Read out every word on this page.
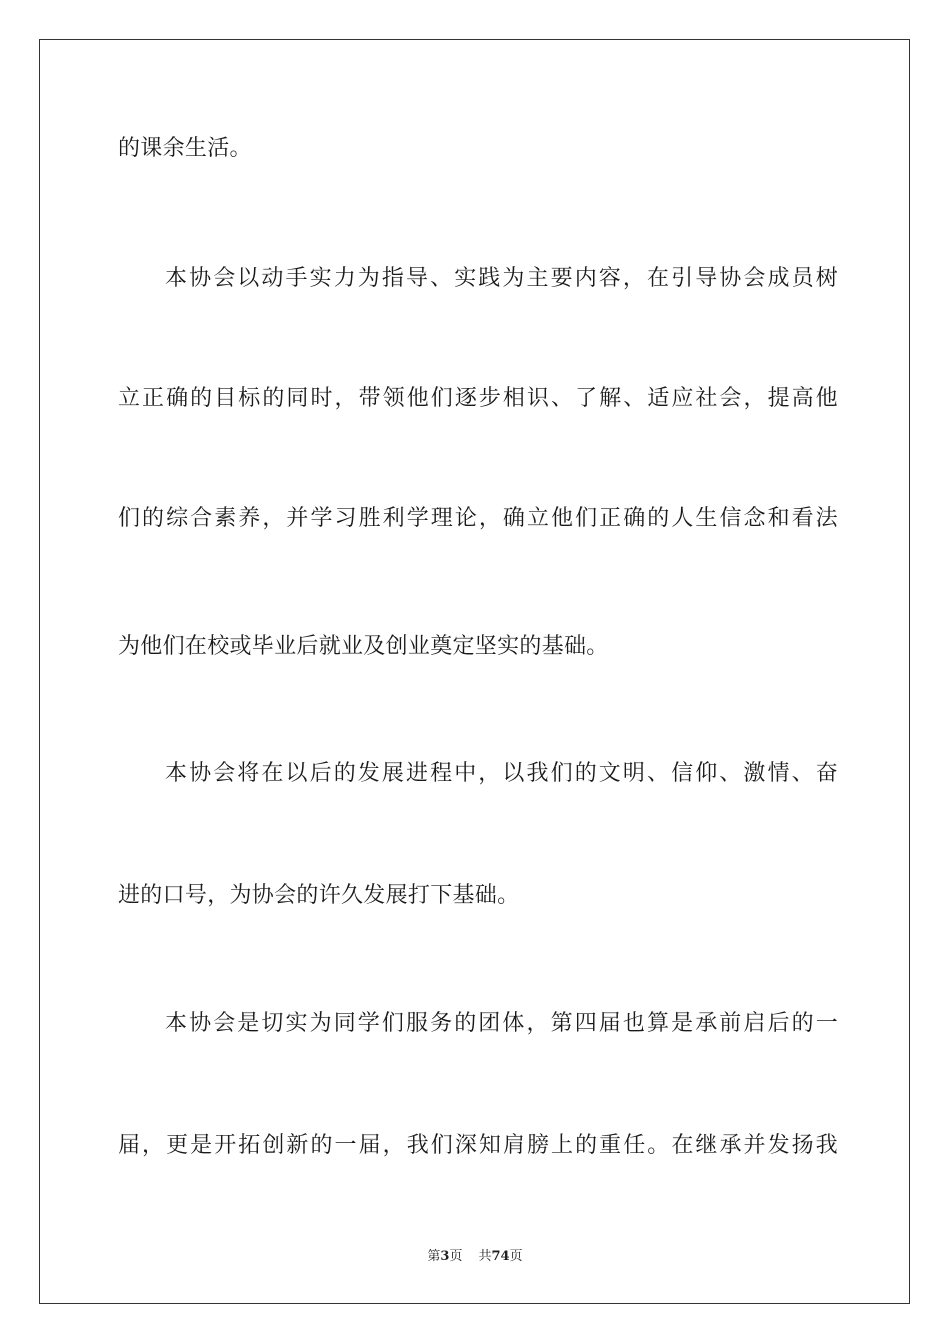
的课余生活。
本协会以动手实力为指导、实践为主要内容，在引导协会成员树
立正确的目标的同时，带领他们逐步相识、了解、适应社会，提高他
们的综合素养，并学习胜利学理论，确立他们正确的人生信念和看法
为他们在校或毕业后就业及创业奠定坚实的基础。
本协会将在以后的发展进程中，以我们的文明、信仰、激情、奋
进的口号，为协会的许久发展打下基础。
本协会是切实为同学们服务的团体，第四届也算是承前启后的一
届，更是开拓创新的一届，我们深知肩膀上的重任。在继承并发扬我
第3页 共74页
